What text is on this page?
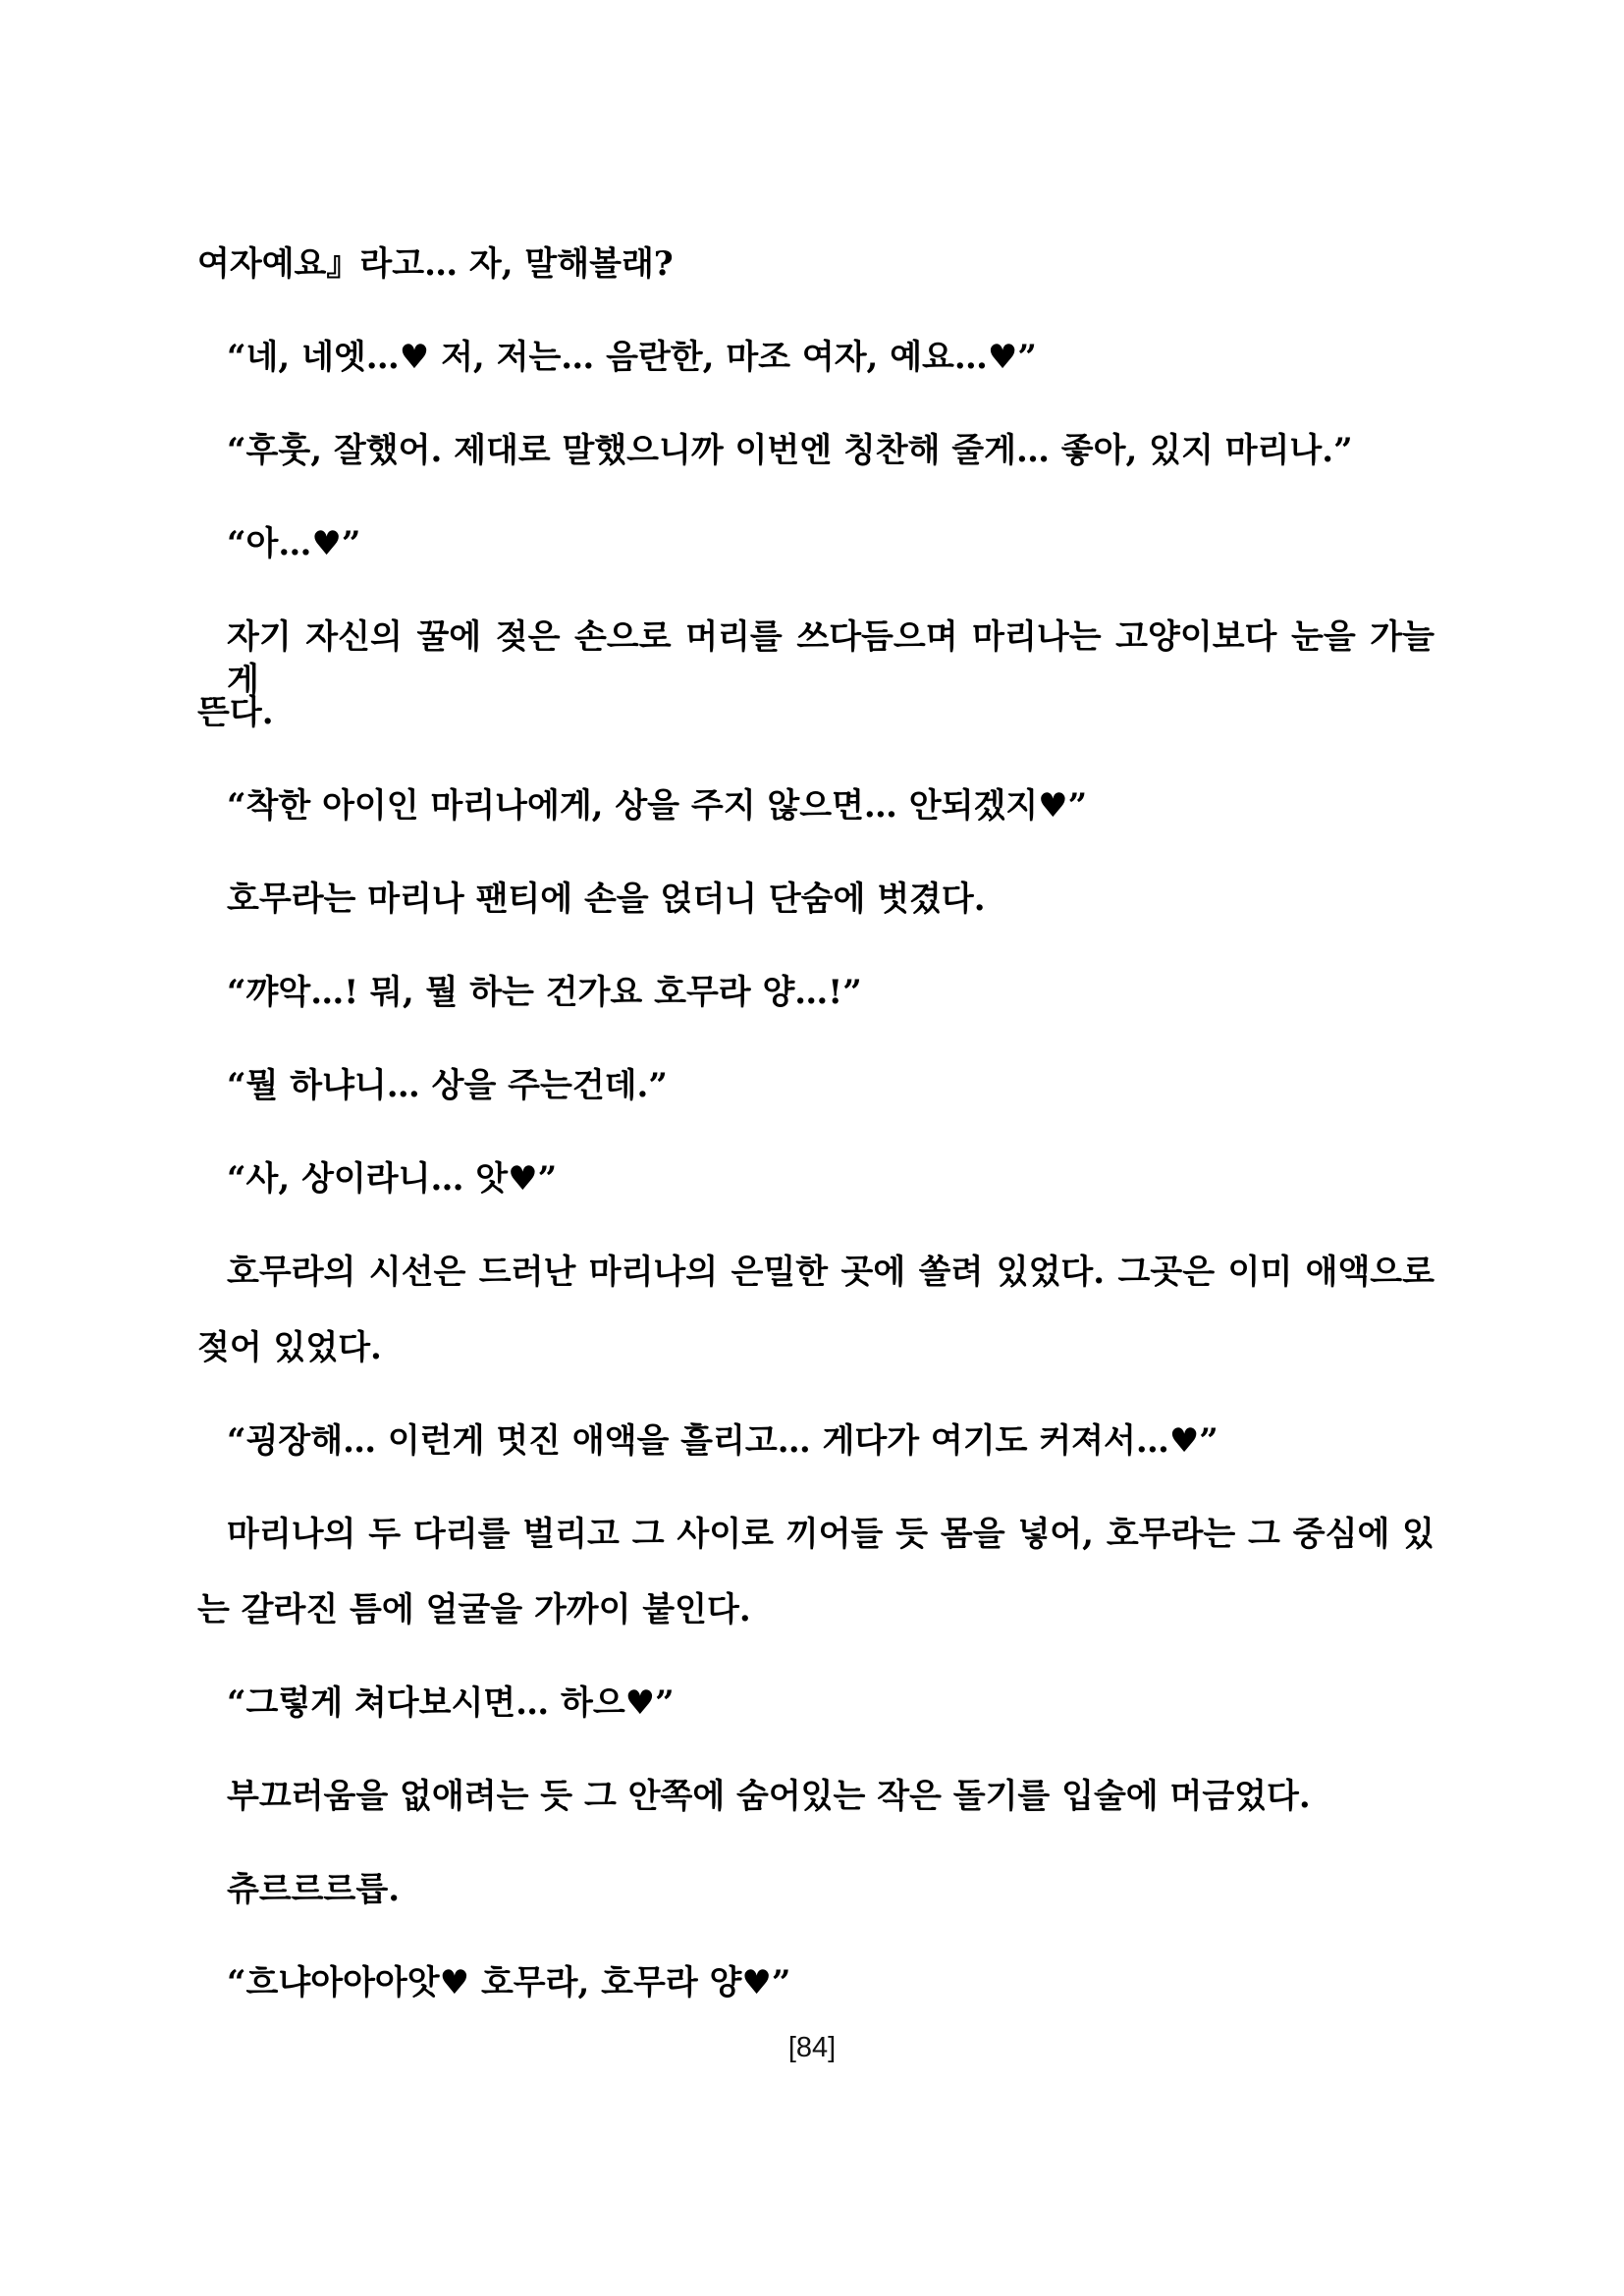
여자예요』라고… 자, 말해볼래?

“네, 네엣…♥ 저, 저는… 음란한, 마조 여자, 예요…♥”

“후훗, 잘했어. 제대로 말했으니까 이번엔 칭찬해 줄게… 좋아, 있지 마리나.”

“아…♥”

자기 자신의 꿀에 젖은 손으로 머리를 쓰다듬으며 마리나는 고양이보다 눈을 가늘게

뜬다.

“착한 아이인 마리나에게, 상을 주지 않으면… 안되겠지♥”

호무라는 마리나 팬티에 손을 얹더니 단숨에 벗겼다.

“꺄악…! 뭐, 뭘 하는 건가요 호무라 양…!”

“뭘 하냐니… 상을 주는건데.”

“사, 상이라니… 앗♥”

호무라의 시선은 드러난 마리나의 은밀한 곳에 쏠려 있었다. 그곳은 이미 애액으로

젖어 있었다.

“굉장해… 이런게 멋진 애액을 흘리고… 게다가 여기도 커져서…♥”

마리나의 두 다리를 벌리고 그 사이로 끼어들 듯 몸을 넣어, 호무라는 그 중심에 있

는 갈라진 틈에 얼굴을 가까이 붙인다.

“그렇게 쳐다보시면… 하으♥”

부끄러움을 없애려는 듯 그 안쪽에 숨어있는 작은 돌기를 입술에 머금었다.

츄르르르릅.

“흐냐아아아앗♥ 호무라, 호무라 양♥”

[84]
